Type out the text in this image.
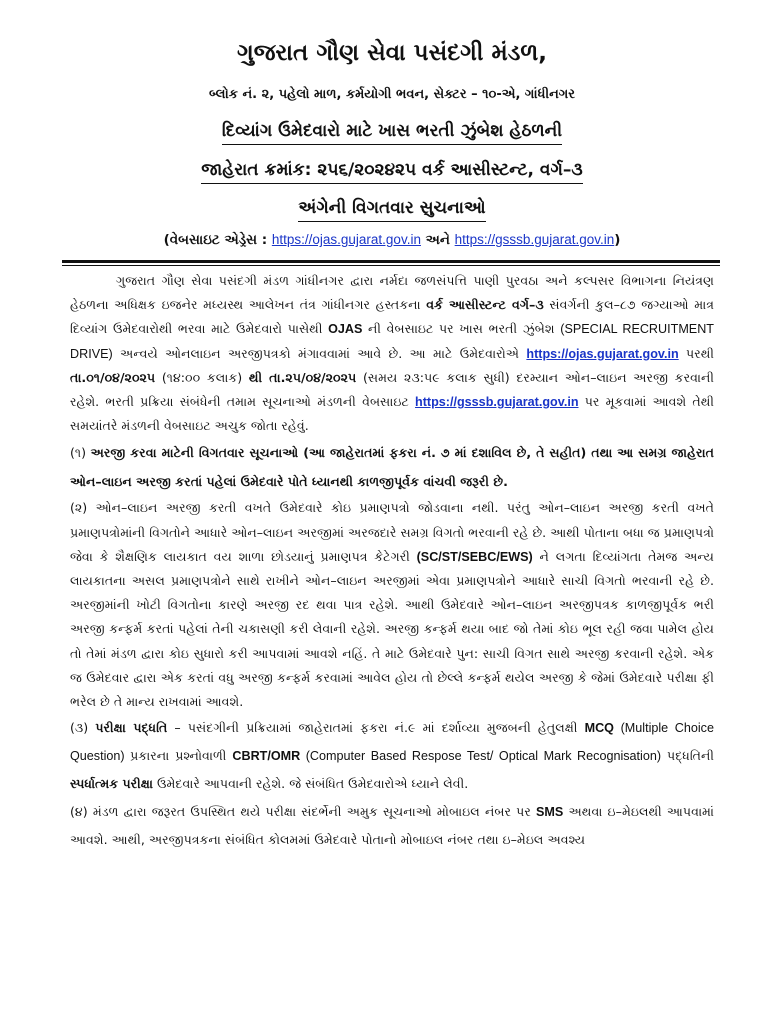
ગુજરાત ગૌણ સેવા પસંદગી મંડળ,
બ્લોક નં. ૨, પહેલો માળ, કર્મયોગી ભવન, સેક્ટર – ૧૦-એ, ગાંધીનગર
દિવ્યાંગ ઉમેદવારો માટે ખાસ ભરતી ઝુંબેશ હેઠળની
જાહેરાત ક્રમાંક: ૨૫૬/૨૦૨૪૨૫ વર્ક આસીસ્ટન્ટ, વર્ગ–૩
અંગેની વિગતવાર સુચનાઓ
(વેબસાઇટ એડ્રેસ : https://ojas.gujarat.gov.in અને https://gsssb.gujarat.gov.in)

ગુજરાત ગૌણ સેવા પસંદગી મંડળ ગાંધીનગર દ્વારા નર્મદા જળસંપત્તિ પાણી પુરવઠા અને કલ્પસર વિભાગના નિયંત્રણ હેઠળના અધિક્ષક ઇજનેર મધ્યસ્થ આલેખન તંત્ર ગાંધીનગર હસ્તકના વર્ક આસીસ્ટન્ટ વર્ગ–૩ સંવર્ગની કુલ–૮૭ જગ્યાઓ માત્ર દિવ્યાંગ ઉમેદવારોથી ભરવા માટે ઉમેદવારો પાસેથી OJAS ની વેબસાઇટ પર ખાસ ભરતી ઝુંબેશ (SPECIAL RECRUITMENT DRIVE) અન્વયે ઓનલાઇન અરજીપત્રકો મંગાવવામાં આવે છે. આ માટે ઉમેદવારોએ https://ojas.gujarat.gov.in પરથી તા.૦૧/૦૪/૨૦૨૫ (૧૪:૦૦ કલાક) થી તા.૨૫/૦૪/૨૦૨૫ (સમય ૨૩:૫૯ કલાક સુધી) દરમ્યાન ઓન–લાઇન અરજી કરવાની રહેશે. ભરતી પ્રક્રિયા સંબંધેની તમામ સૂચનાઓ મંડળની વેબસાઇટ https://gsssb.gujarat.gov.in પર મૂકવામાં આવશે તેથી સમયાંતરે મંડળની વેબસાઇટ અચુક જોતા રહેવું.

(૧) અરજી કરવા માટેની વિગતવાર સૂચનાઓ (આ જાહેરાતમાં ફકરા નં. ૭ માં દશાવિલ છે, તે સહીત) તથા આ સમગ્ર જાહેરાત ઓન–લાઇન અરજી કરતાં પહેલાં ઉમેદવારે પોતે ધ્યાનથી કાળજીપૂર્વક વાંચવી જરૂરી છે.

(૨) ઓન–લાઇન અરજી કરતી વખતે ઉમેદવારે કોઇ પ્રમાણપત્રો જોડવાના નથી. પરંતુ ઓન–લાઇન અરજી કરતી વખતે પ્રમાણપત્રોમાંની વિગતોને આધારે ઓન–લાઇન અરજીમાં અરજદારે સમગ્ર વિગતો ભરવાની રહે છે. આથી પોતાના બધા જ પ્રમાણપત્રો જેવા કે શૈક્ષણિક લાયકાત વય શાળા છોડયાનું પ્રમાણપત્ર કેટેગરી (SC/ST/SEBC/EWS) ને લગતા દિવ્યાંગતા તેમજ અન્ય લાયકાતના અસલ પ્રમાણપત્રોને સાથે રાખીને ઓન–લાઇન અરજીમાં એવા પ્રમાણપત્રોને આધારે સાચી વિગતો ભરવાની રહે છે. અરજીમાંની ખોટી વિગતોના કારણે અરજી રદ થવા પાત્ર રહેશે. આથી ઉમેદવારે ઓન–લાઇન અરજીપત્રક કાળજીપૂર્વક ભરી અરજી કન્ફર્મ કરતાં પહેલાં તેની ચકાસણી કરી લેવાની રહેશે. અરજી કન્ફર્મ થયા બાદ જો તેમાં કોઇ ભૂલ રહી જવા પામેલ હોય તો તેમાં મંડળ દ્વારા કોઇ સુધારો કરી આપવામાં આવશે નહિં. તે માટે ઉમેદવારે પુન: સાચી વિગત સાથે અરજી કરવાની રહેશે. એક જ ઉમેદવાર દ્વારા એક કરતાં વધુ અરજી કન્ફર્મ કરવામાં આવેલ હોય તો છેલ્લે કન્ફર્મ થયેલ અરજી કે જેમાં ઉમેદવારે પરીક્ષા ફી ભરેલ છે તે માન્ય રાખવામાં આવશે.

(૩) પરીક્ષા પદ્ધતિ – પસંદગીની પ્રક્રિયામાં જાહેરાતમાં ફકરા નં.૯ માં દર્શાવ્યા મુજબની હેતુલક્ષી MCQ (Multiple Choice Question) પ્રકારના પ્રશ્નોવાળી CBRT/OMR (Computer Based Respose Test/ Optical Mark Recognisation) પદ્ધતિની સ્પર્ધાત્મક પરીક્ષા ઉમેદવારે આપવાની રહેશે. જે સંબંધિત ઉમેદવારોએ ધ્યાને લેવી.

(૪) મંડળ દ્વારા જરૂરત ઉપસ્થિત થયે પરીક્ષા સંદર્ભેની અમુક સૂચનાઓ મોબાઇલ નંબર પર SMS અથવા ઇ–મેઇલથી આપવામાં આવશે. આથી, અરજીપત્રકના સંબંધિત કોલમમાં ઉમેદવારે પોતાનો મોબાઇલ નંબર તથા ઇ–મેઇલ અવશ્ય
